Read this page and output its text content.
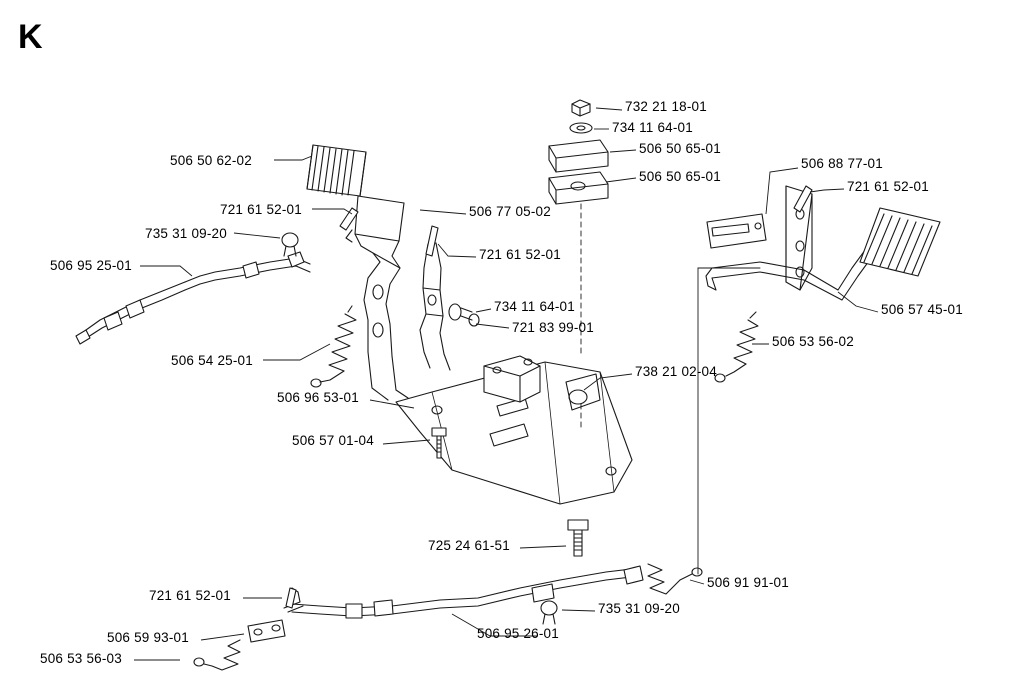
K
506 50 62-02
721 61 52-01
735 31 09-20
506 95 25-01
506 54 25-01
506 96 53-01
506 57 01-04
506 77 05-02
721 61 52-01
734 11 64-01
721 83 99-01
738 21 02-04
725 24 61-51
732 21 18-01
734 11 64-01
506 50 65-01
506 50 65-01
506 88 77-01
721 61 52-01
506 57 45-01
506 53 56-02
506 91 91-01
735 31 09-20
506 95 26-01
721 61 52-01
506 59 93-01
506 53 56-03
